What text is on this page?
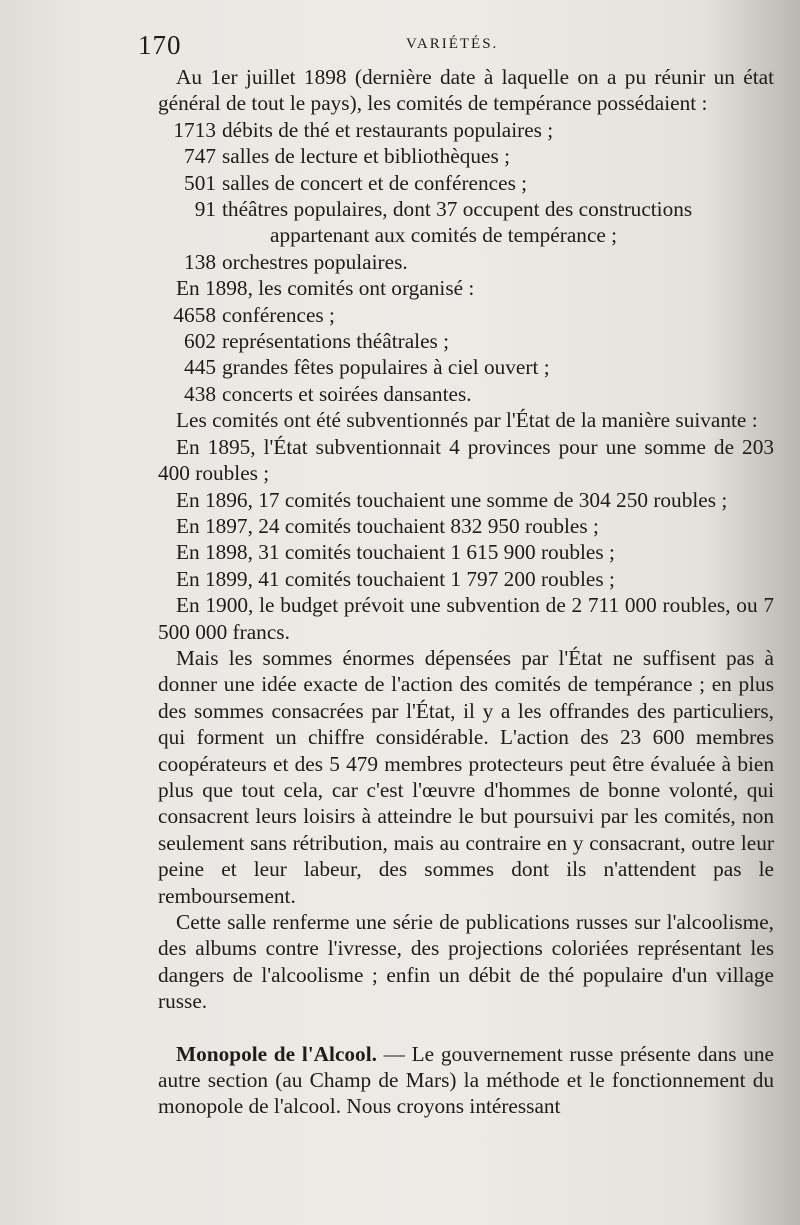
170	VARIÉTÉS.

Au 1er juillet 1898 (dernière date à laquelle on a pu réunir un état général de tout le pays), les comités de tempérance possédaient :

1713 débits de thé et restaurants populaires ;
747 salles de lecture et bibliothèques ;
501 salles de concert et de conférences ;
91 théâtres populaires, dont 37 occupent des constructions appartenant aux comités de tempérance ;
138 orchestres populaires.

En 1898, les comités ont organisé :

4658 conférences ;
602 représentations théâtrales ;
445 grandes fêtes populaires à ciel ouvert ;
438 concerts et soirées dansantes.

Les comités ont été subventionnés par l'État de la manière suivante :

En 1895, l'État subventionnait 4 provinces pour une somme de 203 400 roubles ;

En 1896, 17 comités touchaient une somme de 304 250 roubles ;

En 1897, 24 comités touchaient 832 950 roubles ;

En 1898, 31 comités touchaient 1 615 900 roubles ;

En 1899, 41 comités touchaient 1 797 200 roubles ;

En 1900, le budget prévoit une subvention de 2 711 000 roubles, ou 7 500 000 francs.

Mais les sommes énormes dépensées par l'État ne suffisent pas à donner une idée exacte de l'action des comités de tempérance ; en plus des sommes consacrées par l'État, il y a les offrandes des particuliers, qui forment un chiffre considérable. L'action des 23 600 membres coopérateurs et des 5 479 membres protecteurs peut être évaluée à bien plus que tout cela, car c'est l'œuvre d'hommes de bonne volonté, qui consacrent leurs loisirs à atteindre le but poursuivi par les comités, non seulement sans rétribution, mais au contraire en y consacrant, outre leur peine et leur labeur, des sommes dont ils n'attendent pas le remboursement.

Cette salle renferme une série de publications russes sur l'alcoolisme, des albums contre l'ivresse, des projections coloriées représentant les dangers de l'alcoolisme ; enfin un débit de thé populaire d'un village russe.

Monopole de l'Alcool. — Le gouvernement russe présente dans une autre section (au Champ de Mars) la méthode et le fonctionnement du monopole de l'alcool. Nous croyons intéressant
